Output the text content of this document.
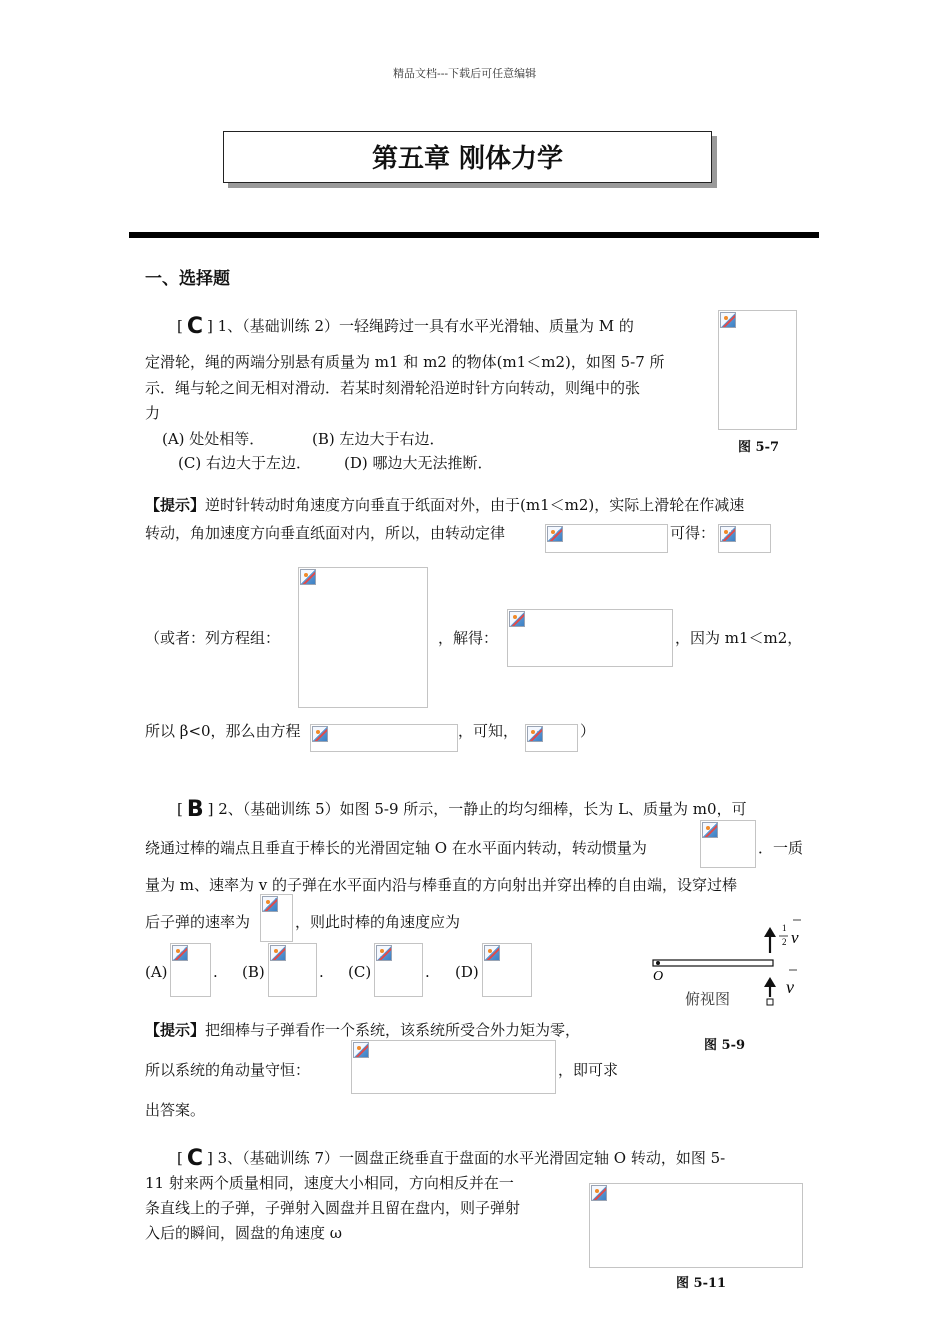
精品文档---下载后可任意编辑
第五章 刚体力学
一、选择题
[ C ] 1、（基础训练 2）一轻绳跨过一具有水平光滑轴、质量为 M 的
定滑轮，绳的两端分别悬有质量为 m1 和 m2 的物体(m1＜m2)，如图 5-7 所
示．绳与轮之间无相对滑动．若某时刻滑轮沿逆时针方向转动，则绳中的张
力
(A) 处处相等．	(B) 左边大于右边．
(C) 右边大于左边． (D) 哪边大无法推断．
图 5-7
【提示】逆时针转动时角速度方向垂直于纸面对外，由于(m1＜m2)，实际上滑轮在作减速
转动，角加速度方向垂直纸面对内，所以，由转动定律	可得：
（或者：列方程组：	，解得：	，因为 m1＜m2，
所以 β<0，那么由方程	，可知，	）
[ B ] 2、（基础训练 5）如图 5-9 所示，一静止的均匀细棒，长为 L、质量为 m0，可
绕通过棒的端点且垂直于棒长的光滑固定轴 O 在水平面内转动，转动惯量为	．一质
量为 m、速率为 v 的子弹在水平面内沿与棒垂直的方向射出并穿出棒的自由端，设穿过棒
后子弹的速率为	，则此时棒的角速度应为
(A)	. (B)	. (C)	. (D)	O
1
2 v
v
俯视图
图 5-9
【提示】把细棒与子弹看作一个系统，该系统所受合外力矩为零，
所以系统的角动量守恒：	，即可求
出答案。
[ C ] 3、（基础训练 7）一圆盘正绕垂直于盘面的水平光滑固定轴 O 转动，如图 5-
11 射来两个质量相同，速度大小相同，方向相反并在一
条直线上的子弹，子弹射入圆盘并且留在盘内，则子弹射
入后的瞬间，圆盘的角速度 ω
图 5-11
